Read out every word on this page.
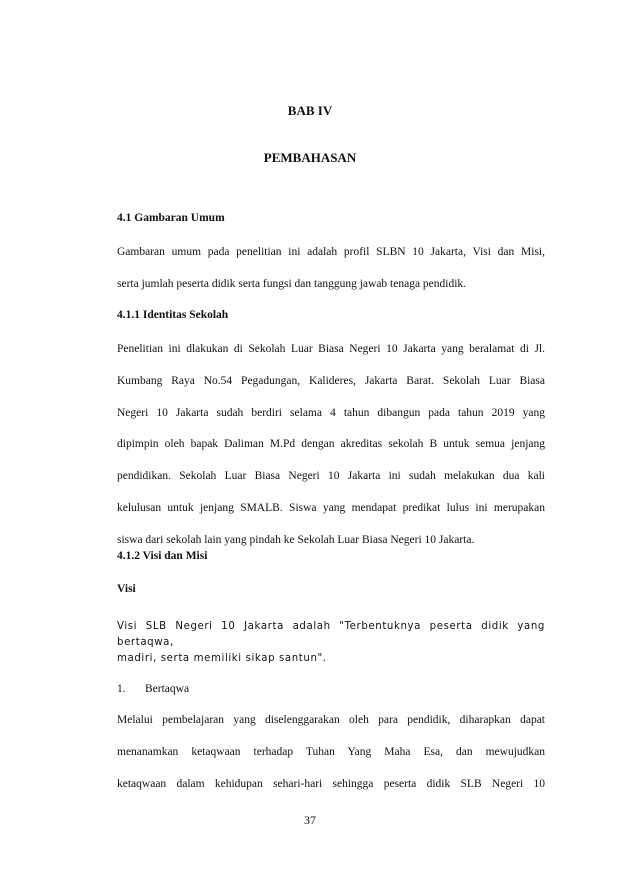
BAB IV
PEMBAHASAN
4.1 Gambaran Umum
Gambaran umum pada penelitian ini adalah profil SLBN 10 Jakarta, Visi dan Misi,
serta jumlah peserta didik serta fungsi dan tanggung jawab tenaga pendidik.
4.1.1 Identitas Sekolah
Penelitian ini dlakukan di Sekolah Luar Biasa Negeri 10 Jakarta yang beralamat di Jl.
Kumbang Raya No.54 Pegadungan, Kalideres, Jakarta Barat. Sekolah Luar Biasa
Negeri 10 Jakarta sudah berdiri selama 4 tahun dibangun pada tahun 2019 yang
dipimpin oleh bapak Daliman M.Pd dengan akreditas sekolah B untuk semua jenjang
pendidikan. Sekolah Luar Biasa Negeri 10 Jakarta ini sudah melakukan dua kali
kelulusan untuk jenjang SMALB. Siswa yang mendapat predikat lulus ini merupakan
siswa dari sekolah lain yang pindah ke Sekolah Luar Biasa Negeri 10 Jakarta.
4.1.2 Visi dan Misi
Visi
Visi SLB Negeri 10 Jakarta adalah "Terbentuknya peserta didik yang bertaqwa,
madiri, serta memiliki sikap santun".
1. Bertaqwa
Melalui pembelajaran yang diselenggarakan oleh para pendidik, diharapkan dapat
menanamkan ketaqwaan terhadap Tuhan Yang Maha Esa, dan mewujudkan
ketaqwaan dalam kehidupan sehari-hari sehingga peserta didik SLB Negeri 10
37
